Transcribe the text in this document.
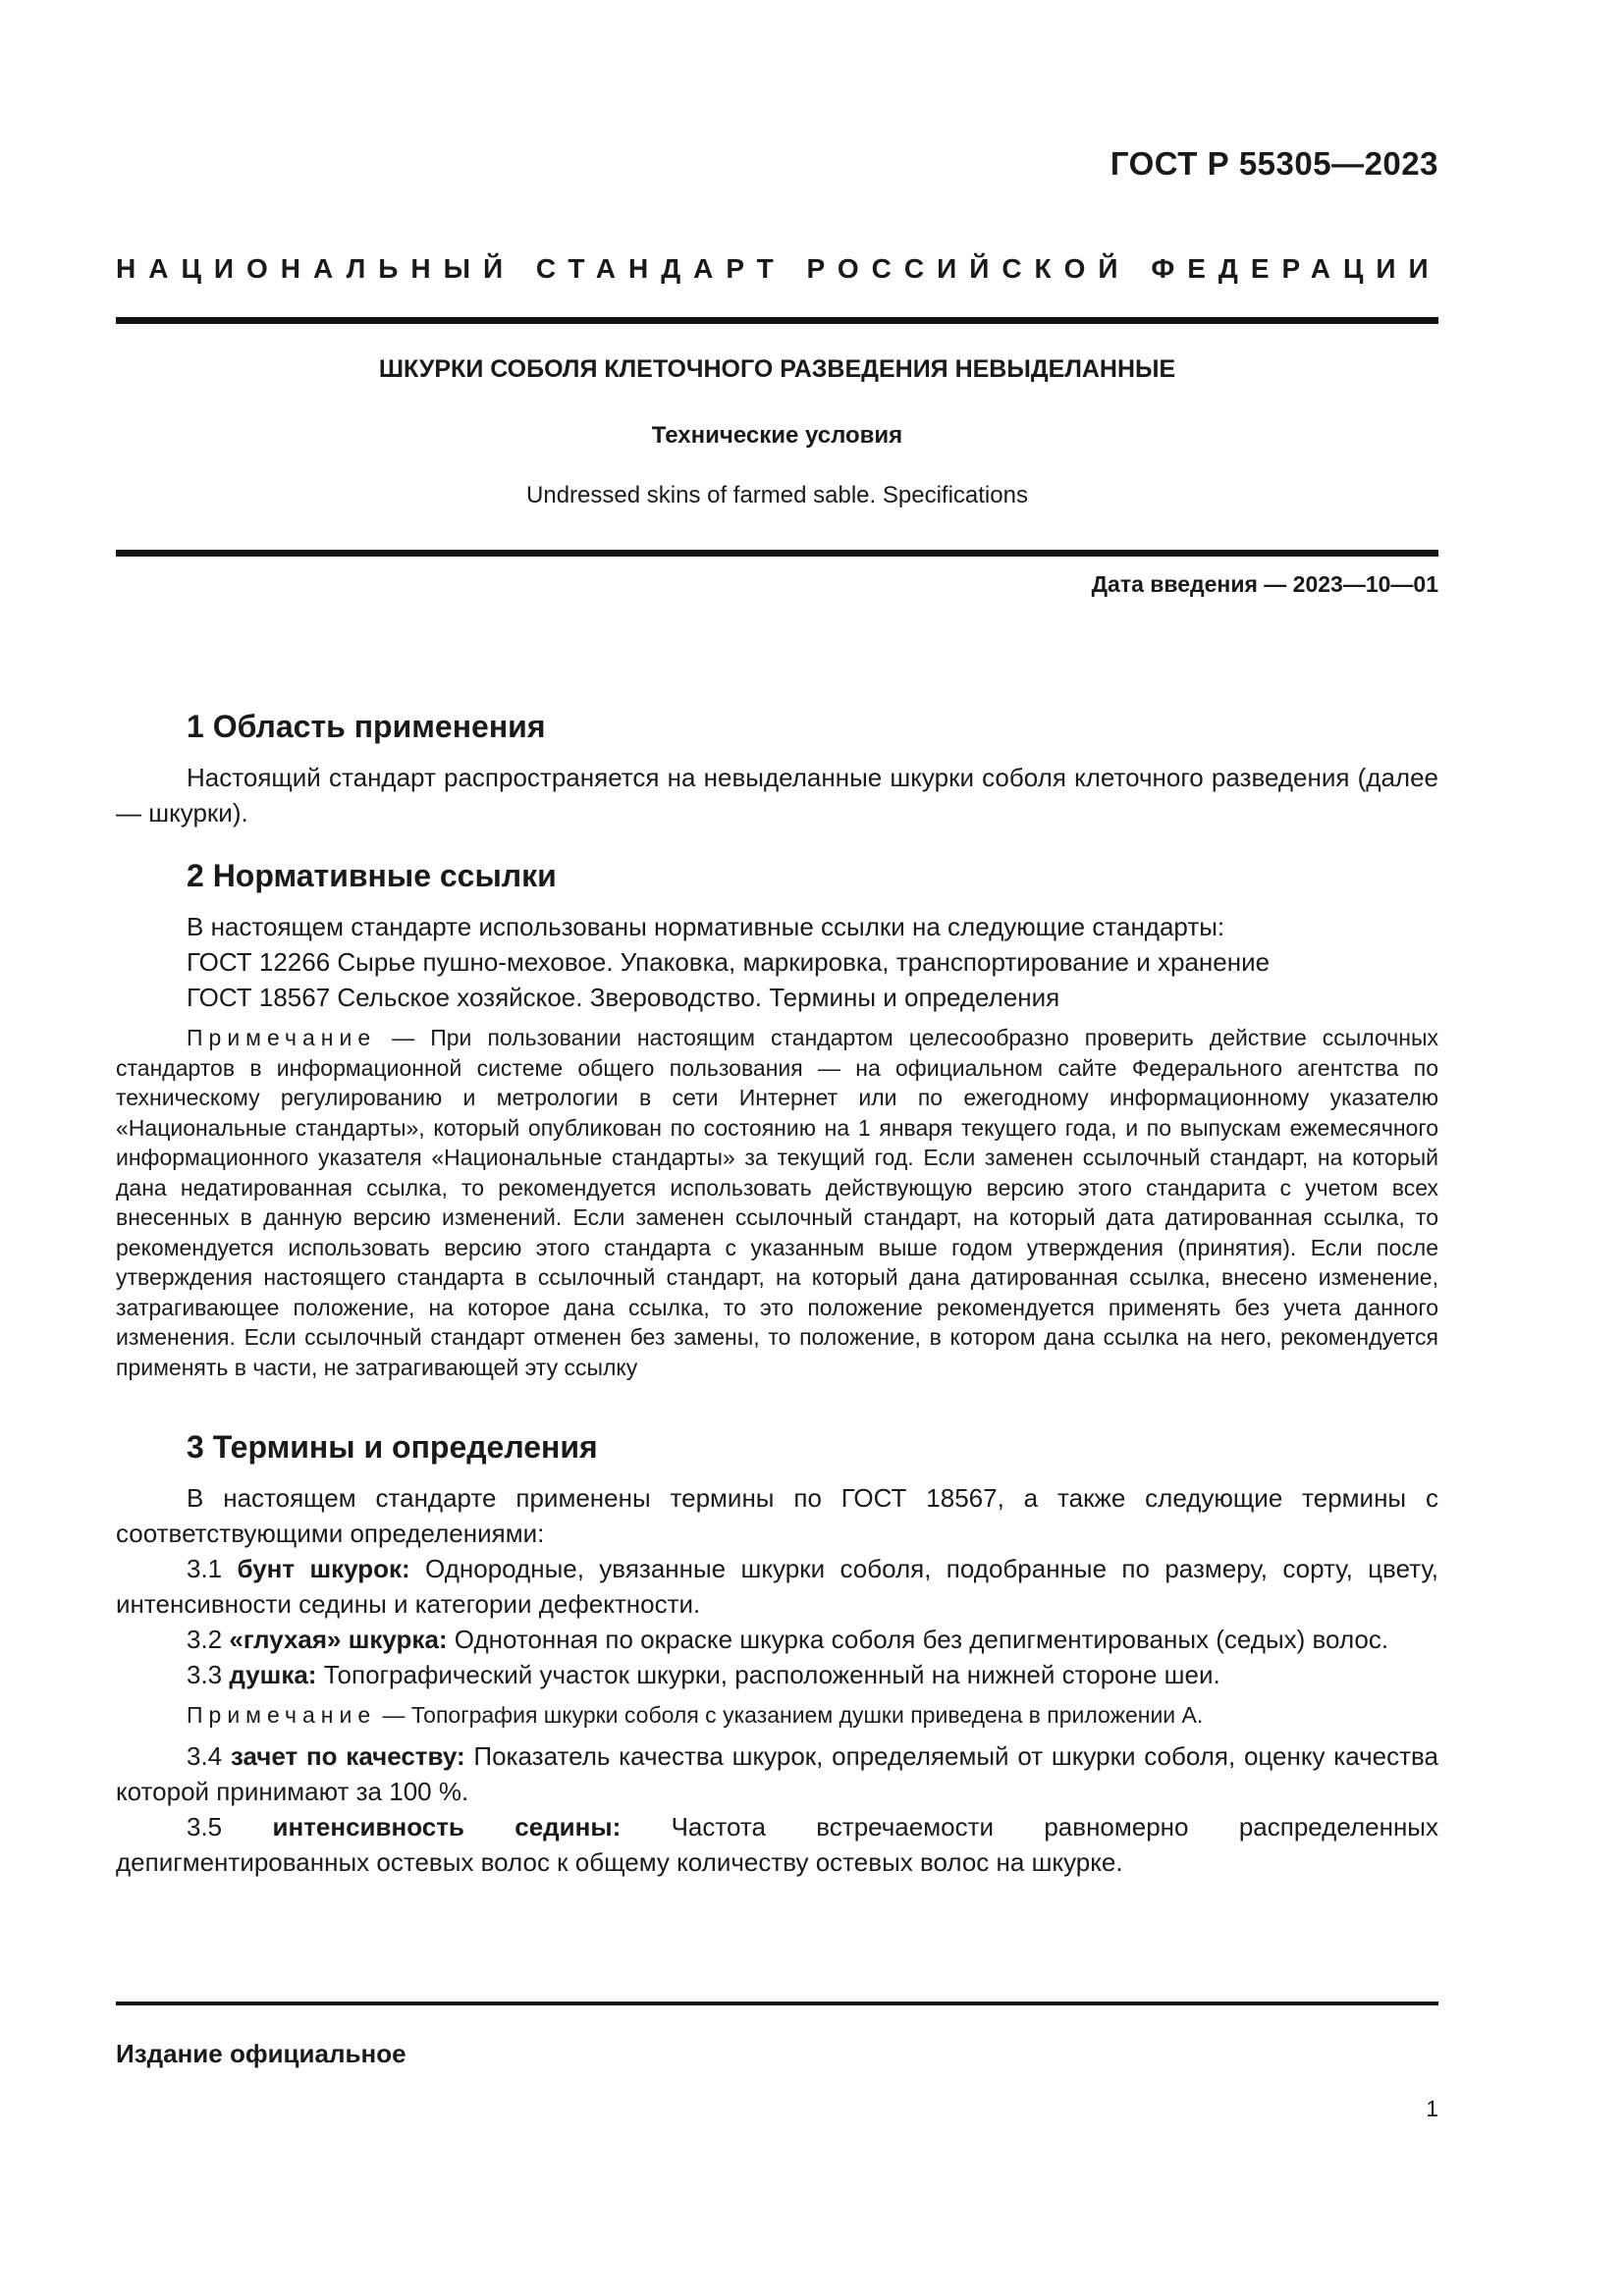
ГОСТ Р 55305—2023
НАЦИОНАЛЬНЫЙ СТАНДАРТ РОССИЙСКОЙ ФЕДЕРАЦИИ
ШКУРКИ СОБОЛЯ КЛЕТОЧНОГО РАЗВЕДЕНИЯ НЕВЫДЕЛАННЫЕ
Технические условия
Undressed skins of farmed sable. Specifications
Дата введения — 2023—10—01
1 Область применения

Настоящий стандарт распространяется на невыделанные шкурки соболя клеточного разведения (далее — шкурки).

2 Нормативные ссылки

В настоящем стандарте использованы нормативные ссылки на следующие стандарты:

ГОСТ 12266 Сырье пушно-меховое. Упаковка, маркировка, транспортирование и хранение

ГОСТ 18567 Сельское хозяйское. Звероводство. Термины и определения

Примечание — При пользовании настоящим стандартом целесообразно проверить действие ссылочных стандартов в информационной системе общего пользования — на официальном сайте Федерального агентства по техническому регулированию и метрологии в сети Интернет или по ежегодному информационному указателю «Национальные стандарты», который опубликован по состоянию на 1 января текущего года, и по выпускам ежемесячного информационного указателя «Национальные стандарты» за текущий год. Если заменен ссылочный стандарт, на который дана недатированная ссылка, то рекомендуется использовать действующую версию этого стандарита с учетом всех внесенных в данную версию изменений. Если заменен ссылочный стандарт, на который дата датированная ссылка, то рекомендуется использовать версию этого стандарта с указанным выше годом утверждения (принятия). Если после утверждения настоящего стандарта в ссылочный стандарт, на который дана датированная ссылка, внесено изменение, затрагивающее положение, на которое дана ссылка, то это положение рекомендуется применять без учета данного изменения. Если ссылочный стандарт отменен без замены, то положение, в котором дана ссылка на него, рекомендуется применять в части, не затрагивающей эту ссылку

3 Термины и определения

В настоящем стандарте применены термины по ГОСТ 18567, а также следующие термины с соответствующими определениями:

3.1 бунт шкурок: Однородные, увязанные шкурки соболя, подобранные по размеру, сорту, цвету, интенсивности седины и категории дефектности.

3.2 «глухая» шкурка: Однотонная по окраске шкурка соболя без депигментированых (седых) волос.

3.3 душка: Топографический участок шкурки, расположенный на нижней стороне шеи.

Примечание — Топография шкурки соболя с указанием душки приведена в приложении А.

3.4 зачет по качеству: Показатель качества шкурок, определяемый от шкурки соболя, оценку качества которой принимают за 100 %.

3.5 интенсивность седины: Частота встречаемости равномерно распределенных депигментированных остевых волос к общему количеству остевых волос на шкурке.

Издание официальное
1
